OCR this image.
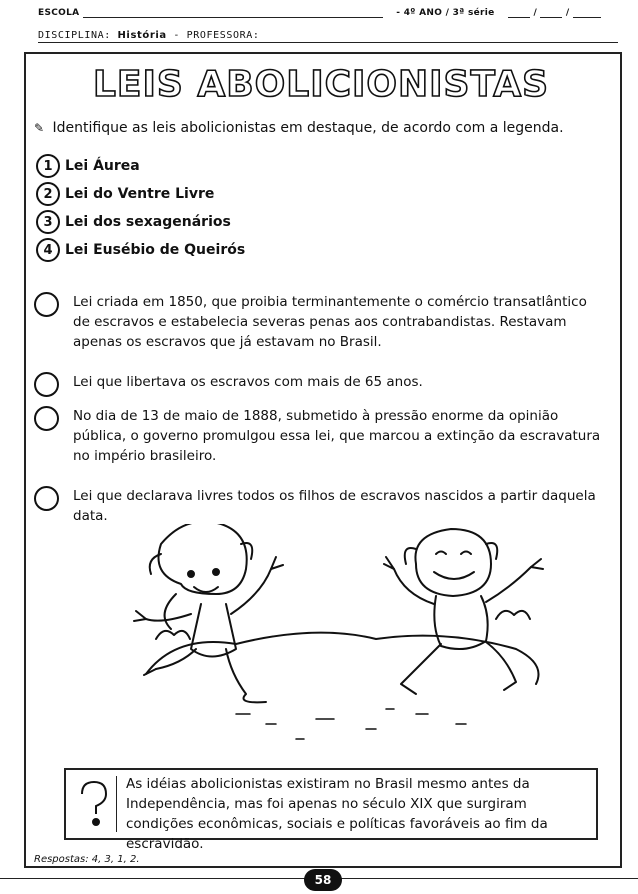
ESCOLA	- 4º ANO / 3ª série	/	/
DISCIPLINA: História - PROFESSORA:
LEIS ABOLICIONISTAS
✎ Identifique as leis abolicionistas em destaque, de acordo com a legenda.
1 Lei Áurea
2 Lei do Ventre Livre
3 Lei dos sexagenários
4 Lei Eusébio de Queirós
Lei criada em 1850, que proibia terminantemente o comércio transatlântico de escravos e estabelecia severas penas aos contrabandistas. Restavam apenas os escravos que já estavam no Brasil.
Lei que libertava os escravos com mais de 65 anos.
No dia de 13 de maio de 1888, submetido à pressão enorme da opinião pública, o governo promulgou essa lei, que marcou a extinção da escravatura no império brasileiro.
Lei que declarava livres todos os filhos de escravos nascidos a partir daquela data.
As idéias abolicionistas existiram no Brasil mesmo antes da Independência, mas foi apenas no século XIX que surgiram condições econômicas, sociais e políticas favoráveis ao fim da escravidão.
Respostas: 4, 3, 1, 2.
58
